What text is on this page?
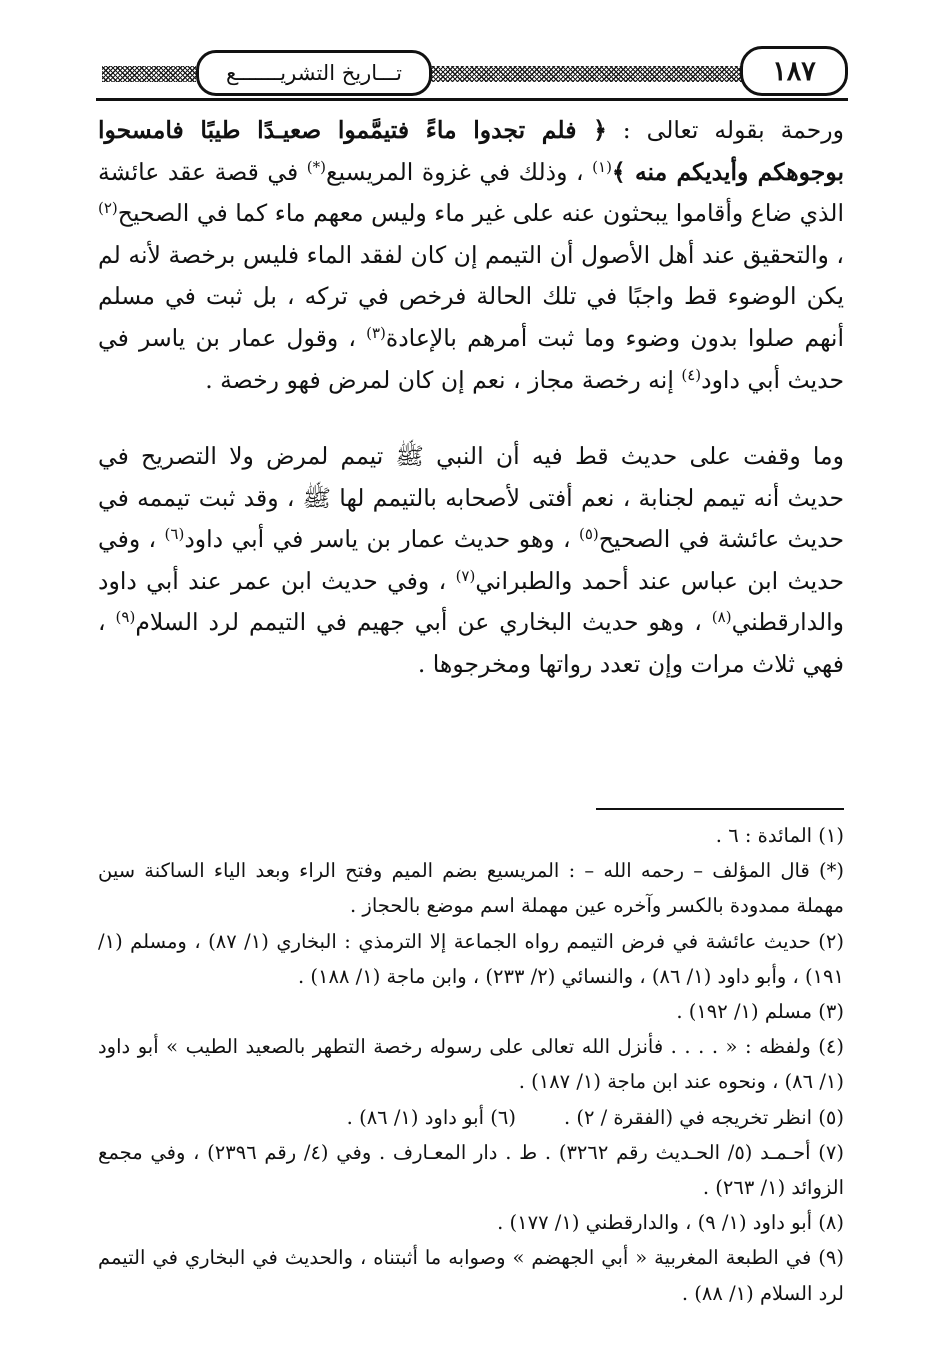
تـــاريخ التشريـــــــع	١٨٧

ورحمة بقوله تعالى : ﴿ فلم تجدوا ماءً فتيمَّموا صعيـدًا طيبًا فامسحوا بوجوهكم وأيديكم منه ﴾$^{(١)}$ ، وذلك في غزوة المريسيع(*) في قصة عقد عائشة الذي ضاع وأقاموا يبحثون عنه على غير ماء وليس معهم ماء كما في الصحيح$^{(٢)}$ ، والتحقيق عند أهل الأصول أن التيمم إن كان لفقد الماء فليس برخصة لأنه لم يكن الوضوء قط واجبًا في تلك الحالة فرخص في تركه ، بل ثبت في مسلم أنهم صلوا بدون وضوء وما ثبت أمرهم بالإعادة$^{(٣)}$ ، وقول عمار بن ياسر في حديث أبي داود$^{(٤)}$ إنه رخصة مجاز ، نعم إن كان لمرض فهو رخصة .

وما وقفت على حديث قط فيه أن النبي ﷺ تيمم لمرض ولا التصريح في حديث أنه تيمم لجنابة ، نعم أفتى لأصحابه بالتيمم لها ﷺ ، وقد ثبت تيممه في حديث عائشة في الصحيح$^{(٥)}$ ، وهو حديث عمار بن ياسر في أبي داود$^{(٦)}$ ، وفي حديث ابن عباس عند أحمد والطبراني$^{(٧)}$ ، وفي حديث ابن عمر عند أبي داود والدارقطني$^{(٨)}$ ، وهو حديث البخاري عن أبي جهيم في التيمم لرد السلام$^{(٩)}$ ، فهي ثلاث مرات وإن تعدد رواتها ومخرجوها .

(١) المائدة : ٦ .

(*) قال المؤلف – رحمه الله – : المريسيع بضم الميم وفتح الراء وبعد الياء الساكنة سين مهملة ممدودة بالكسر وآخره عين مهملة اسم موضع بالحجاز .

(٢) حديث عائشة في فرض التيمم رواه الجماعة إلا الترمذي : البخاري (١/ ٨٧) ، ومسلم (١/ ١٩١) ، وأبو داود (١/ ٨٦) ، والنسائي (٢/ ٢٣٣) ، وابن ماجة (١/ ١٨٨) .

(٣) مسلم (١/ ١٩٢) .

(٤) ولفظه : « . . . . فأنزل الله تعالى على رسوله رخصة التطهر بالصعيد الطيب » أبو داود (١/ ٨٦) ، ونحوه عند ابن ماجة (١/ ١٨٧) .

(٥) انظر تخريجه في (الفقرة / ٢) .(٦) أبو داود (١/ ٨٦) .

(٧) أحـمـد (٥/ الحـديث رقم ٣٢٦٢) . ط . دار المعـارف . وفي (٤/ رقم ٢٣٩٦) ، وفي مجمع الزوائد (١/ ٢٦٣) .

(٨) أبو داود (١/ ٩) ، والدارقطني (١/ ١٧٧) .

(٩) في الطبعة المغربية « أبي الجهضم » وصوابه ما أثبتناه ، والحديث في البخاري في التيمم لرد السلام (١/ ٨٨) .
